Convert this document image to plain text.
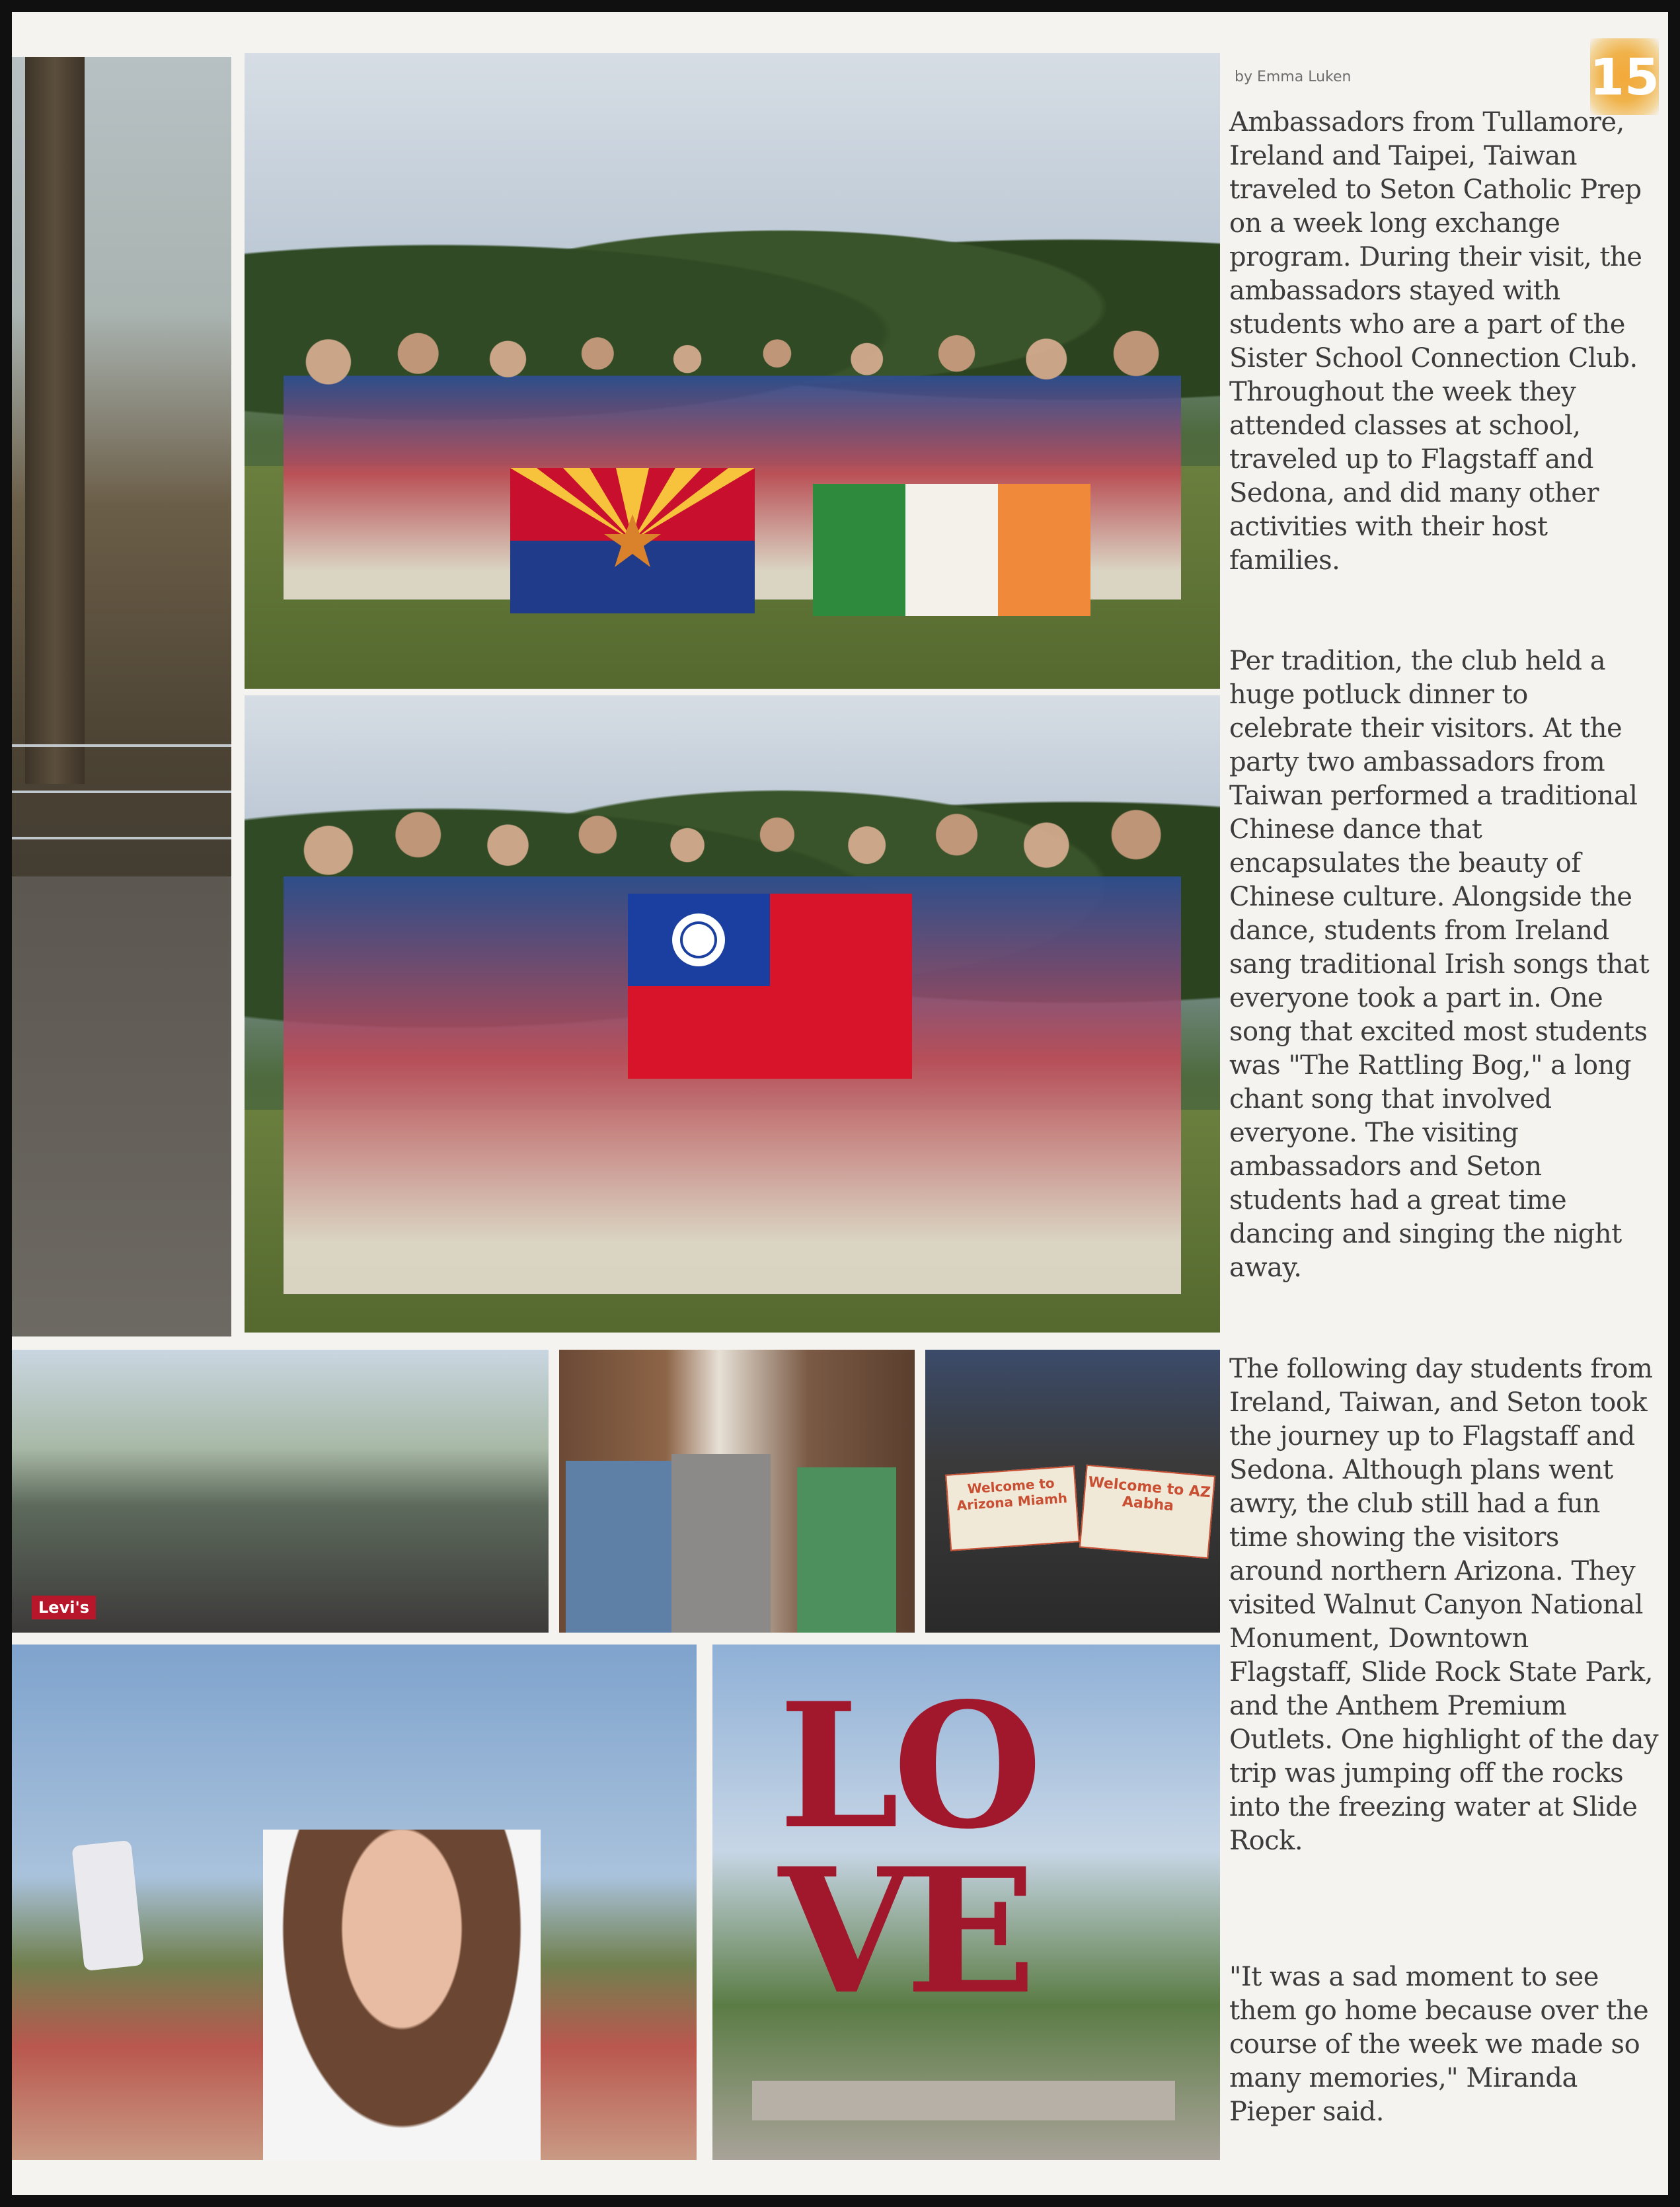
Levi's
Welcome to Arizona Miamh
Welcome to AZ Aabha
LOVE
15
by Emma Luken

Ambassadors from Tullamore, Ireland and Taipei, Taiwan traveled to Seton Catholic Prep on a week long exchange program. During their visit, the ambassadors stayed with students who are a part of the Sister School Connection Club. Throughout the week they attended classes at school, traveled up to Flagstaff and Sedona, and did many other activities with their host families.

Per tradition, the club held a huge potluck dinner to celebrate their visitors. At the party two ambassadors from Taiwan performed a traditional Chinese dance that encapsulates the beauty of Chinese culture. Alongside the dance, students from Ireland sang traditional Irish songs that everyone took a part in. One song that excited most students was "The Rattling Bog," a long chant song that involved everyone. The visiting ambassadors and Seton students had a great time dancing and singing the night away.

The following day students from Ireland, Taiwan, and Seton took the journey up to Flagstaff and Sedona. Although plans went awry, the club still had a fun time showing the visitors around northern Arizona. They visited Walnut Canyon National Monument, Downtown Flagstaff, Slide Rock State Park, and the Anthem Premium Outlets. One highlight of the day trip was jumping off the rocks into the freezing water at Slide Rock.

"It was a sad moment to see them go home because over the course of the week we made so many memories," Miranda Pieper said.
